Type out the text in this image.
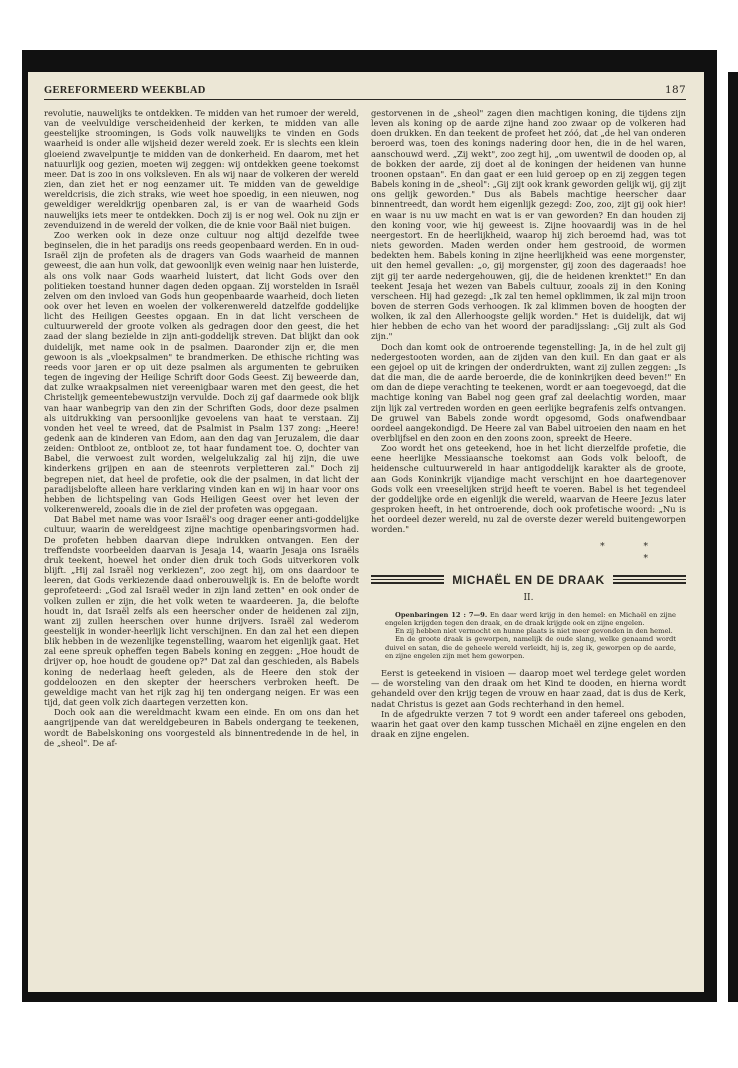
GEREFORMEERD WEEKBLAD	187

revolutie, nauwelijks te ontdekken. Te midden van het rumoer der wereld, van de veelvuldige verscheidenheid der kerken, te midden van alle geestelijke stroomingen, is Gods volk nauwelijks te vinden en Gods waarheid is onder alle wijsheid dezer wereld zoek. Er is slechts een klein gloeiend zwavelpuntje te midden van de donkerheid. En daarom, met het natuurlijk oog gezien, moeten wij zeggen: wij ontdekken geene toekomst meer. Dat is zoo in ons volksleven. En als wij naar de volkeren der wereld zien, dan ziet het er nog eenzamer uit. Te midden van de geweldige wereldcrisis, die zich straks, wie weet hoe spoedig, in een nieuwen, nog geweldiger wereldkrijg openbaren zal, is er van de waarheid Gods nauwelijks iets meer te ontdekken. Doch zij is er nog wel. Ook nu zijn er zevenduizend in de wereld der volken, die de knie voor Baäl niet buigen.

Zoo werken ook in deze onze cultuur nog altijd dezelfde twee beginselen, die in het paradijs ons reeds geopenbaard werden. En in oud-Israël zijn de profeten als de dragers van Gods waarheid de mannen geweest, die aan hun volk, dat gewoonlijk even weinig naar hen luisterde, als ons volk naar Gods waarheid luistert, dat licht Gods over den politieken toestand hunner dagen deden opgaan. Zij worstelden in Israël zelven om den invloed van Gods hun geopenbaarde waarheid, doch lieten ook over het leven en woelen der volkerenwereld datzelfde goddelijke licht des Heiligen Geestes opgaan. En in dat licht verscheen de cultuurwereld der groote volken als gedragen door den geest, die het zaad der slang bezielde in zijn anti-goddelijk streven. Dat blijkt dan ook duidelijk, met name ook in de psalmen. Daaronder zijn er, die men gewoon is als „vloekpsalmen" te brandmerken. De ethische richting was reeds voor jaren er op uit deze psalmen als argumenten te gebruiken tegen de ingeving der Heilige Schrift door Gods Geest. Zij beweerde dan, dat zulke wraakpsalmen niet vereenigbaar waren met den geest, die het Christelijk gemeentebewustzijn vervulde. Doch zij gaf daarmede ook blijk van haar wanbegrip van den zin der Schriften Gods, door deze psalmen als uitdrukking van persoonlijke gevoelens van haat te verstaan. Zij vonden het veel te wreed, dat de Psalmist in Psalm 137 zong: „Heere! gedenk aan de kinderen van Edom, aan den dag van Jeruzalem, die daar zeiden: Ontbloot ze, ontbloot ze, tot haar fundament toe. O, dochter van Babel, die verwoest zult worden, welgelukzalig zal hij zijn, die uwe kinderkens grijpen en aan de steenrots verpletteren zal." Doch zij begrepen niet, dat heel de profetie, ook die der psalmen, in dat licht der paradijsbelofte alleen hare verklaring vinden kan en wij in haar voor ons hebben de lichtspeling van Gods Heiligen Geest over het leven der volkerenwereld, zooals die in de ziel der profeten was opgegaan.

Dat Babel met name was voor Israël's oog drager eener anti-goddelijke cultuur, waarin de wereldgeest zijne machtige openbaringsvormen had. De profeten hebben daarvan diepe indrukken ontvangen. Een der treffendste voorbeelden daarvan is Jesaja 14, waarin Jesaja ons Israëls druk teekent, hoewel het onder dien druk toch Gods uitverkoren volk blijft. „Hij zal Israël nog verkiezen", zoo zegt hij, om ons daardoor te leeren, dat Gods verkiezende daad onberouwelijk is. En de belofte wordt geprofeteerd: „God zal Israël weder in zijn land zetten" en ook onder de volken zullen er zijn, die het volk weten te waardeeren. Ja, die belofte houdt in, dat Israël zelfs als een heerscher onder de heidenen zal zijn, want zij zullen heerschen over hunne drijvers. Israël zal wederom geestelijk in wonder-heerlijk licht verschijnen. En dan zal het een diepen blik hebben in de wezenlijke tegenstelling, waarom het eigenlijk gaat. Het zal eene spreuk opheffen tegen Babels koning en zeggen: „Hoe houdt de drijver op, hoe houdt de goudene op?" Dat zal dan geschieden, als Babels koning de nederlaag heeft geleden, als de Heere den stok der goddeloozen en den skepter der heerschers verbroken heeft. De geweldige macht van het rijk zag hij ten ondergang neigen. Er was een tijd, dat geen volk zich daartegen verzetten kon.

Doch ook aan die wereldmacht kwam een einde. En om ons dan het aangrijpende van dat wereldgebeuren in Babels ondergang te teekenen, wordt de Babelskoning ons voorgesteld als binnentredende in de hel, in de „sheol". De af-

gestorvenen in de „sheol" zagen dien machtigen koning, die tijdens zijn leven als koning op de aarde zijne hand zoo zwaar op de volkeren had doen drukken. En dan teekent de profeet het zóó, dat „de hel van onderen beroerd was, toen des konings nadering door hen, die in de hel waren, aanschouwd werd. „Zij wekt", zoo zegt hij, „om uwentwil de dooden op, al de bokken der aarde, zij doet al de koningen der heidenen van hunne troonen opstaan". En dan gaat er een luid geroep op en zij zeggen tegen Babels koning in de „sheol": „Gij zijt ook krank geworden gelijk wij, gij zijt ons gelijk geworden." Dus als Babels machtige heerscher daar binnentreedt, dan wordt hem eigenlijk gezegd: Zoo, zoo, zijt gij ook hier! en waar is nu uw macht en wat is er van geworden? En dan houden zij den koning voor, wie hij geweest is. Zijne hoovaardij was in de hel neergestort. En de heerlijkheid, waarop hij zich beroemd had, was tot niets geworden. Maden werden onder hem gestrooid, de wormen bedekten hem. Babels koning in zijne heerlijkheid was eene morgenster, uit den hemel gevallen: „o, gij morgenster, gij zoon des dageraads! hoe zijt gij ter aarde nedergehouwen, gij, die de heidenen krenktet!" En dan teekent Jesaja het wezen van Babels cultuur, zooals zij in den Koning verscheen. Hij had gezegd: „Ik zal ten hemel opklimmen, ik zal mijn troon boven de sterren Gods verhoogen. Ik zal klimmen boven de hoogten der wolken, ik zal den Allerhoogste gelijk worden." Het is duidelijk, dat wij hier hebben de echo van het woord der paradijsslang: „Gij zult als God zijn."

Doch dan komt ook de ontroerende tegenstelling: Ja, in de hel zult gij nedergestooten worden, aan de zijden van den kuil. En dan gaat er als een gejoel op uit de kringen der onderdrukten, want zij zullen zeggen: „Is dat die man, die de aarde beroerde, die de koninkrijken deed beven!" En om dan de diepe verachting te teekenen, wordt er aan toegevoegd, dat die machtige koning van Babel nog geen graf zal deelachtig worden, maar zijn lijk zal vertreden worden en geen eerlijke begrafenis zelfs ontvangen. De gruwel van Babels zonde wordt opgesomd, Gods onafwendbaar oordeel aangekondigd. De Heere zal van Babel uitroeien den naam en het overblijfsel en den zoon en den zoons zoon, spreekt de Heere.

Zoo wordt het ons geteekend, hoe in het licht dierzelfde profetie, die eene heerlijke Messiaansche toekomst aan Gods volk belooft, de heidensche cultuurwereld in haar antigoddelijk karakter als de groote, aan Gods Koninkrijk vijandige macht verschijnt en hoe daartegenover Gods volk een vreeselijken strijd heeft te voeren. Babel is het tegendeel der goddelijke orde en eigenlijk die wereld, waarvan de Heere Jezus later gesproken heeft, in het ontroerende, doch ook profetische woord: „Nu is het oordeel dezer wereld, nu zal de overste dezer wereld buitengeworpen worden."

* *
*
MICHAËL EN DE DRAAK
II.

Openbaringen 12 : 7—9. En daar werd krijg in den hemel: en Michaël en zijne engelen krijgden tegen den draak, en de draak krijgde ook en zijne engelen.

En zij hebben niet vermocht en hunne plaats is niet meer gevonden in den hemel.

En de groote draak is geworpen, namelijk de oude slang, welke genaamd wordt duivel en satan, die de geheele wereld verleidt, hij is, zeg ik, geworpen op de aarde, en zijne engelen zijn met hem geworpen.

Eerst is geteekend in visioen — daarop moet wel terdege gelet worden — de worsteling van den draak om het Kind te dooden, en hierna wordt gehandeld over den krijg tegen de vrouw en haar zaad, dat is dus de Kerk, nadat Christus is gezet aan Gods rechterhand in den hemel.

In de afgedrukte verzen 7 tot 9 wordt een ander tafereel ons geboden, waarin het gaat over den kamp tusschen Michaël en zijne engelen en den draak en zijne engelen.
